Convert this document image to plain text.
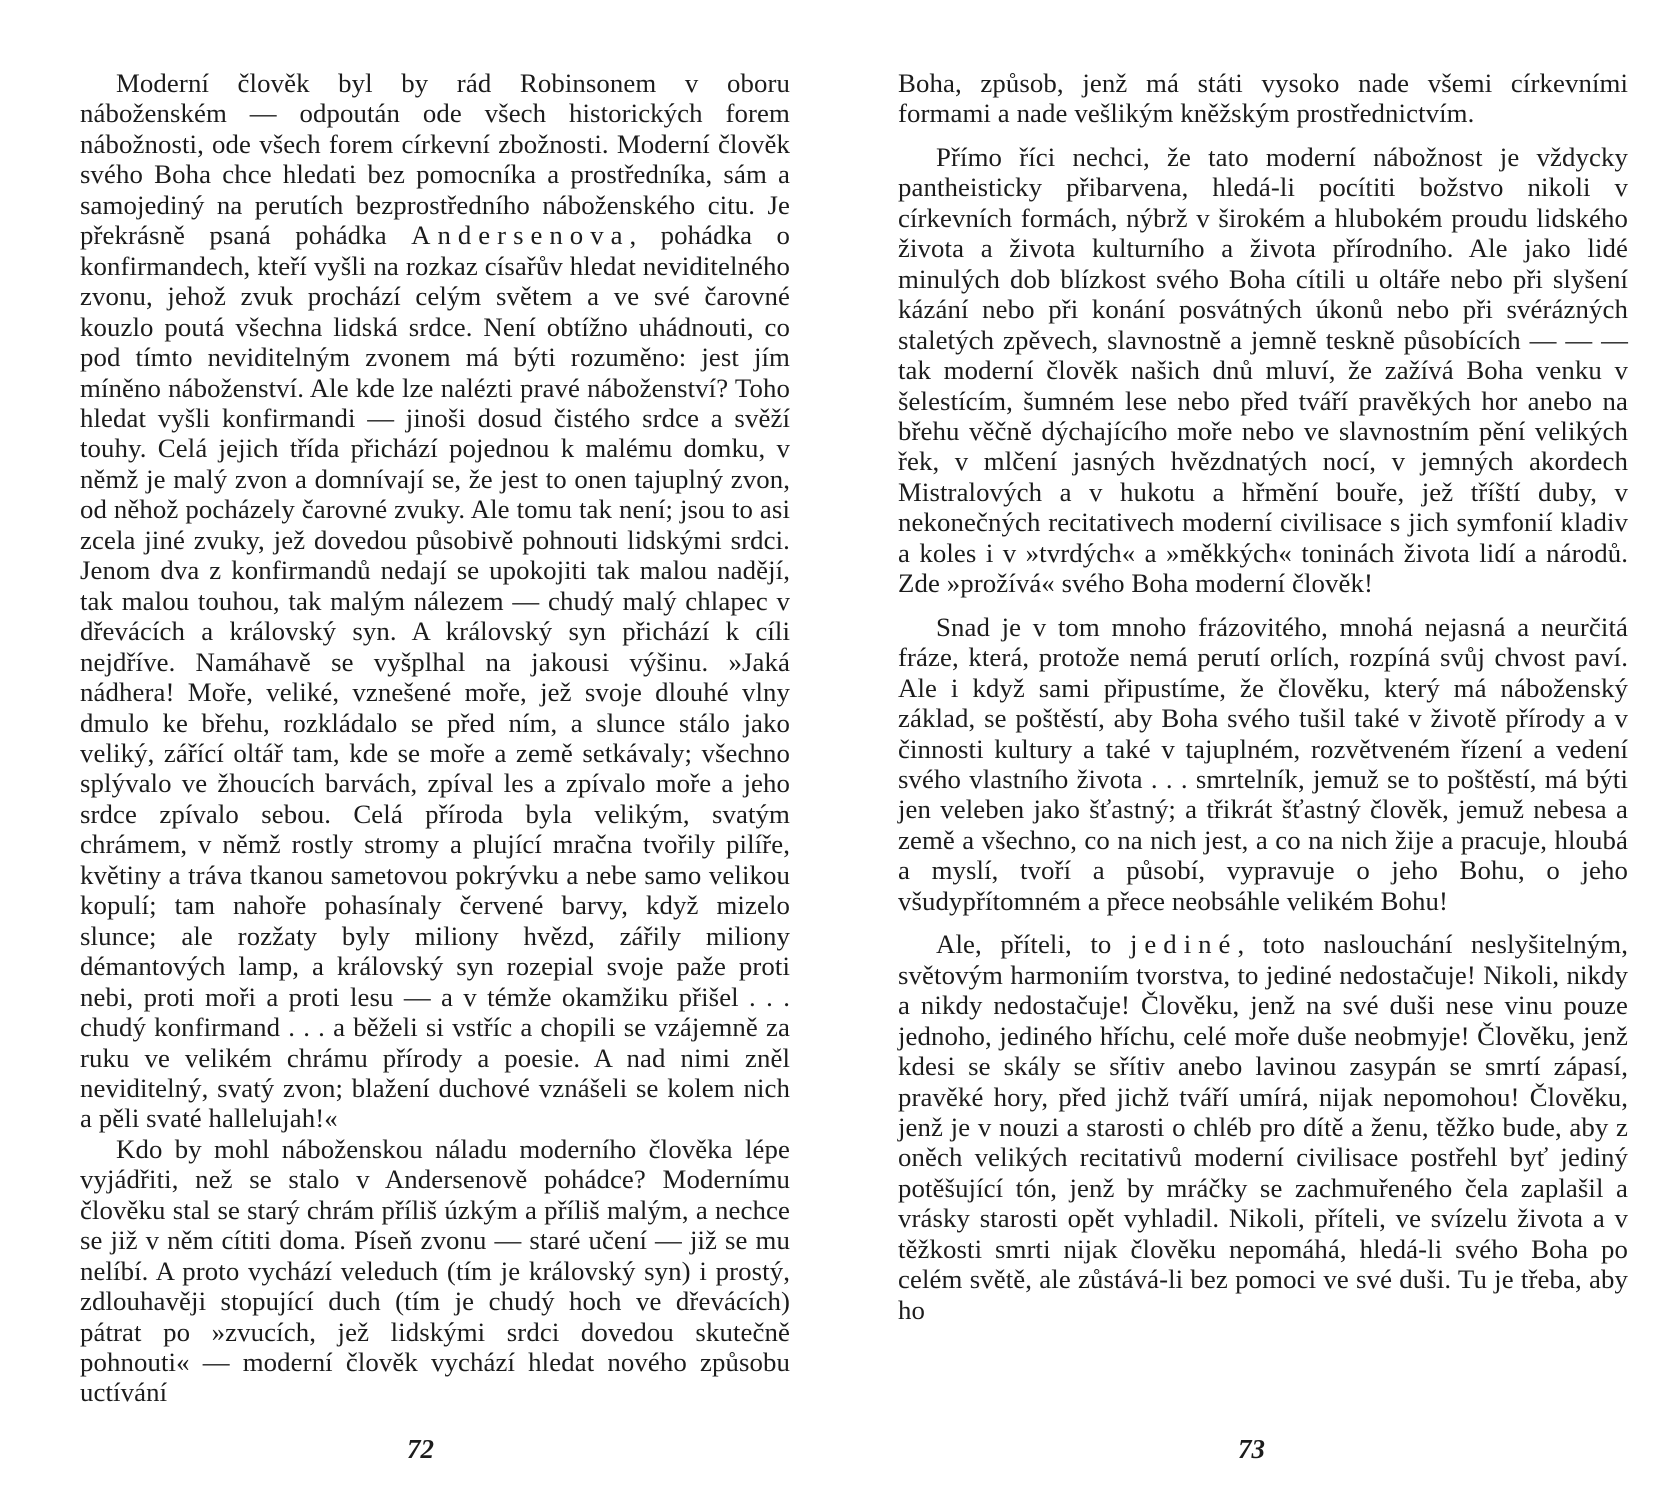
Moderní člověk byl by rád Robinsonem v oboru náboženském — odpoután ode všech historických forem nábožnosti, ode všech forem církevní zbožnosti. Moderní člověk svého Boha chce hledati bez pomocníka a prostředníka, sám a samojediný na perutích bezprostředního náboženského citu. Je překrásně psaná pohádka Andersenova, pohádka o konfirmandech, kteří vyšli na rozkaz císařův hledat neviditelného zvonu, jehož zvuk prochází celým světem a ve své čarovné kouzlo poutá všechna lidská srdce. Není obtížno uhádnouti, co pod tímto neviditelným zvonem má býti rozuměno: jest jím míněno náboženství. Ale kde lze nalézti pravé náboženství? Toho hledat vyšli konfirmandi — jinoši dosud čistého srdce a svěží touhy. Celá jejich třída přichází pojednou k malému domku, v němž je malý zvon a domnívají se, že jest to onen tajuplný zvon, od něhož pocházely čarovné zvuky. Ale tomu tak není; jsou to asi zcela jiné zvuky, jež dovedou působivě pohnouti lidskými srdci. Jenom dva z konfirmandů nedají se upokojiti tak malou nadějí, tak malou touhou, tak malým nálezem — chudý malý chlapec v dřevácích a královský syn. A královský syn přichází k cíli nejdříve. Namáhavě se vyšplhal na jakousi výšinu. »Jaká nádhera! Moře, veliké, vznešené moře, jež svoje dlouhé vlny dmulo ke břehu, rozkládalo se před ním, a slunce stálo jako veliký, zářící oltář tam, kde se moře a země setkávaly; všechno splývalo ve žhoucích barvách, zpíval les a zpívalo moře a jeho srdce zpívalo sebou. Celá příroda byla velikým, svatým chrámem, v němž rostly stromy a plující mračna tvořily pilíře, květiny a tráva tkanou sametovou pokrývku a nebe samo velikou kopulí; tam nahoře pohasínaly červené barvy, když mizelo slunce; ale rozžaty byly miliony hvězd, zářily miliony démantových lamp, a královský syn rozepial svoje paže proti nebi, proti moři a proti lesu — a v témže okamžiku přišel . . . chudý konfirmand . . . a běželi si vstříc a chopili se vzájemně za ruku ve velikém chrámu přírody a poesie. A nad nimi zněl neviditelný, svatý zvon; blažení duchové vznášeli se kolem nich a pěli svaté hallelujah!«

Kdo by mohl náboženskou náladu moderního člověka lépe vyjádřiti, než se stalo v Andersenově pohádce? Modernímu člověku stal se starý chrám příliš úzkým a příliš malým, a nechce se již v něm cítiti doma. Píseň zvonu — staré učení — již se mu nelíbí. A proto vychází veleduch (tím je královský syn) i prostý, zdlouhavěji stopující duch (tím je chudý hoch ve dřevácích) pátrat po »zvucích, jež lidskými srdci dovedou skutečně pohnouti« — moderní člověk vychází hledat nového způsobu uctívání

72

Boha, způsob, jenž má státi vysoko nade všemi církevními formami a nade vešlikým kněžským prostřednictvím.

Přímo říci nechci, že tato moderní nábožnost je vždycky pantheisticky přibarvena, hledá-li pocítiti božstvo nikoli v církevních formách, nýbrž v širokém a hlubokém proudu lidského života a života kulturního a života přírodního. Ale jako lidé minulých dob blízkost svého Boha cítili u oltáře nebo při slyšení kázání nebo při konání posvátných úkonů nebo při svérázných staletých zpěvech, slavnostně a jemně teskně působících — — — tak moderní člověk našich dnů mluví, že zažívá Boha venku v šelestícím, šumném lese nebo před tváří pravěkých hor anebo na břehu věčně dýchajícího moře nebo ve slavnostním pění velikých řek, v mlčení jasných hvězdnatých nocí, v jemných akordech Mistralových a v hukotu a hřmění bouře, jež tříští duby, v nekonečných recitativech moderní civilisace s jich symfonií kladiv a koles i v »tvrdých« a »měkkých« toninách života lidí a národů. Zde »prožívá« svého Boha moderní člověk!

Snad je v tom mnoho frázovitého, mnohá nejasná a neurčitá fráze, která, protože nemá perutí orlích, rozpíná svůj chvost paví. Ale i když sami připustíme, že člověku, který má náboženský základ, se poštěstí, aby Boha svého tušil také v životě přírody a v činnosti kultury a také v tajuplném, rozvětveném řízení a vedení svého vlastního života . . . smrtelník, jemuž se to poštěstí, má býti jen veleben jako šťastný; a třikrát šťastný člověk, jemuž nebesa a země a všechno, co na nich jest, a co na nich žije a pracuje, hloubá a myslí, tvoří a působí, vypravuje o jeho Bohu, o jeho všudypřítomném a přece neobsáhle velikém Bohu!

Ale, příteli, to jediné, toto naslouchání neslyšitelným, světovým harmoniím tvorstva, to jediné nedostačuje! Nikoli, nikdy a nikdy nedostačuje! Člověku, jenž na své duši nese vinu pouze jednoho, jediného hříchu, celé moře duše neobmyje! Člověku, jenž kdesi se skály se sřítiv anebo lavinou zasypán se smrtí zápasí, pravěké hory, před jichž tváří umírá, nijak nepomohou! Člověku, jenž je v nouzi a starosti o chléb pro dítě a ženu, těžko bude, aby z oněch velikých recitativů moderní civilisace postřehl byť jediný potěšující tón, jenž by mráčky se zachmuřeného čela zaplašil a vrásky starosti opět vyhladil. Nikoli, příteli, ve svízelu života a v těžkosti smrti nijak člověku nepomáhá, hledá-li svého Boha po celém světě, ale zůstává-li bez pomoci ve své duši. Tu je třeba, aby ho

73
